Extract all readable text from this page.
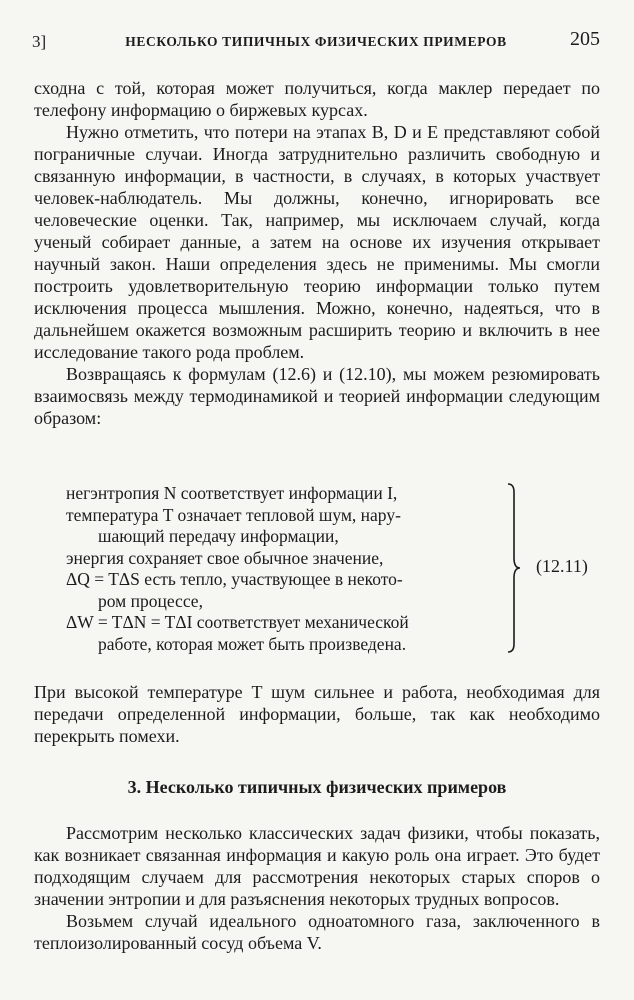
3]	НЕСКОЛЬКО ТИПИЧНЫХ ФИЗИЧЕСКИХ ПРИМЕРОВ	205

сходна с той, которая может получиться, когда маклер передает по телефону информацию о биржевых курсах.

Нужно отметить, что потери на этапах B, D и E представляют собой пограничные случаи. Иногда затруднительно различить свободную и связанную информации, в частности, в случаях, в которых участвует человек-наблюдатель. Мы должны, конечно, игнорировать все человеческие оценки. Так, например, мы исключаем случай, когда ученый собирает данные, а затем на основе их изучения открывает научный закон. Наши определения здесь не применимы. Мы смогли построить удовлетворительную теорию информации только путем исключения процесса мышления. Можно, конечно, надеяться, что в дальнейшем окажется возможным расширить теорию и включить в нее исследование такого рода проблем.

Возвращаясь к формулам (12.6) и (12.10), мы можем резюмировать взаимосвязь между термодинамикой и теорией информации следующим образом:

негэнтропия N соответствует информации I,
температура T означает тепловой шум, нару-
шающий передачу информации,
энергия сохраняет свое обычное значение,
ΔQ = TΔS есть тепло, участвующее в некото-
ром процессе,
ΔW = TΔN = TΔI соответствует механической
работе, которая может быть произведена.
(12.11)

При высокой температуре T шум сильнее и работа, необходимая для передачи определенной информации, больше, так как необходимо перекрыть помехи.

3. Несколько типичных физических примеров

Рассмотрим несколько классических задач физики, чтобы показать, как возникает связанная информация и какую роль она играет. Это будет подходящим случаем для рассмотрения некоторых старых споров о значении энтропии и для разъяснения некоторых трудных вопросов.

Возьмем случай идеального одноатомного газа, заключенного в теплоизолированный сосуд объема V.
